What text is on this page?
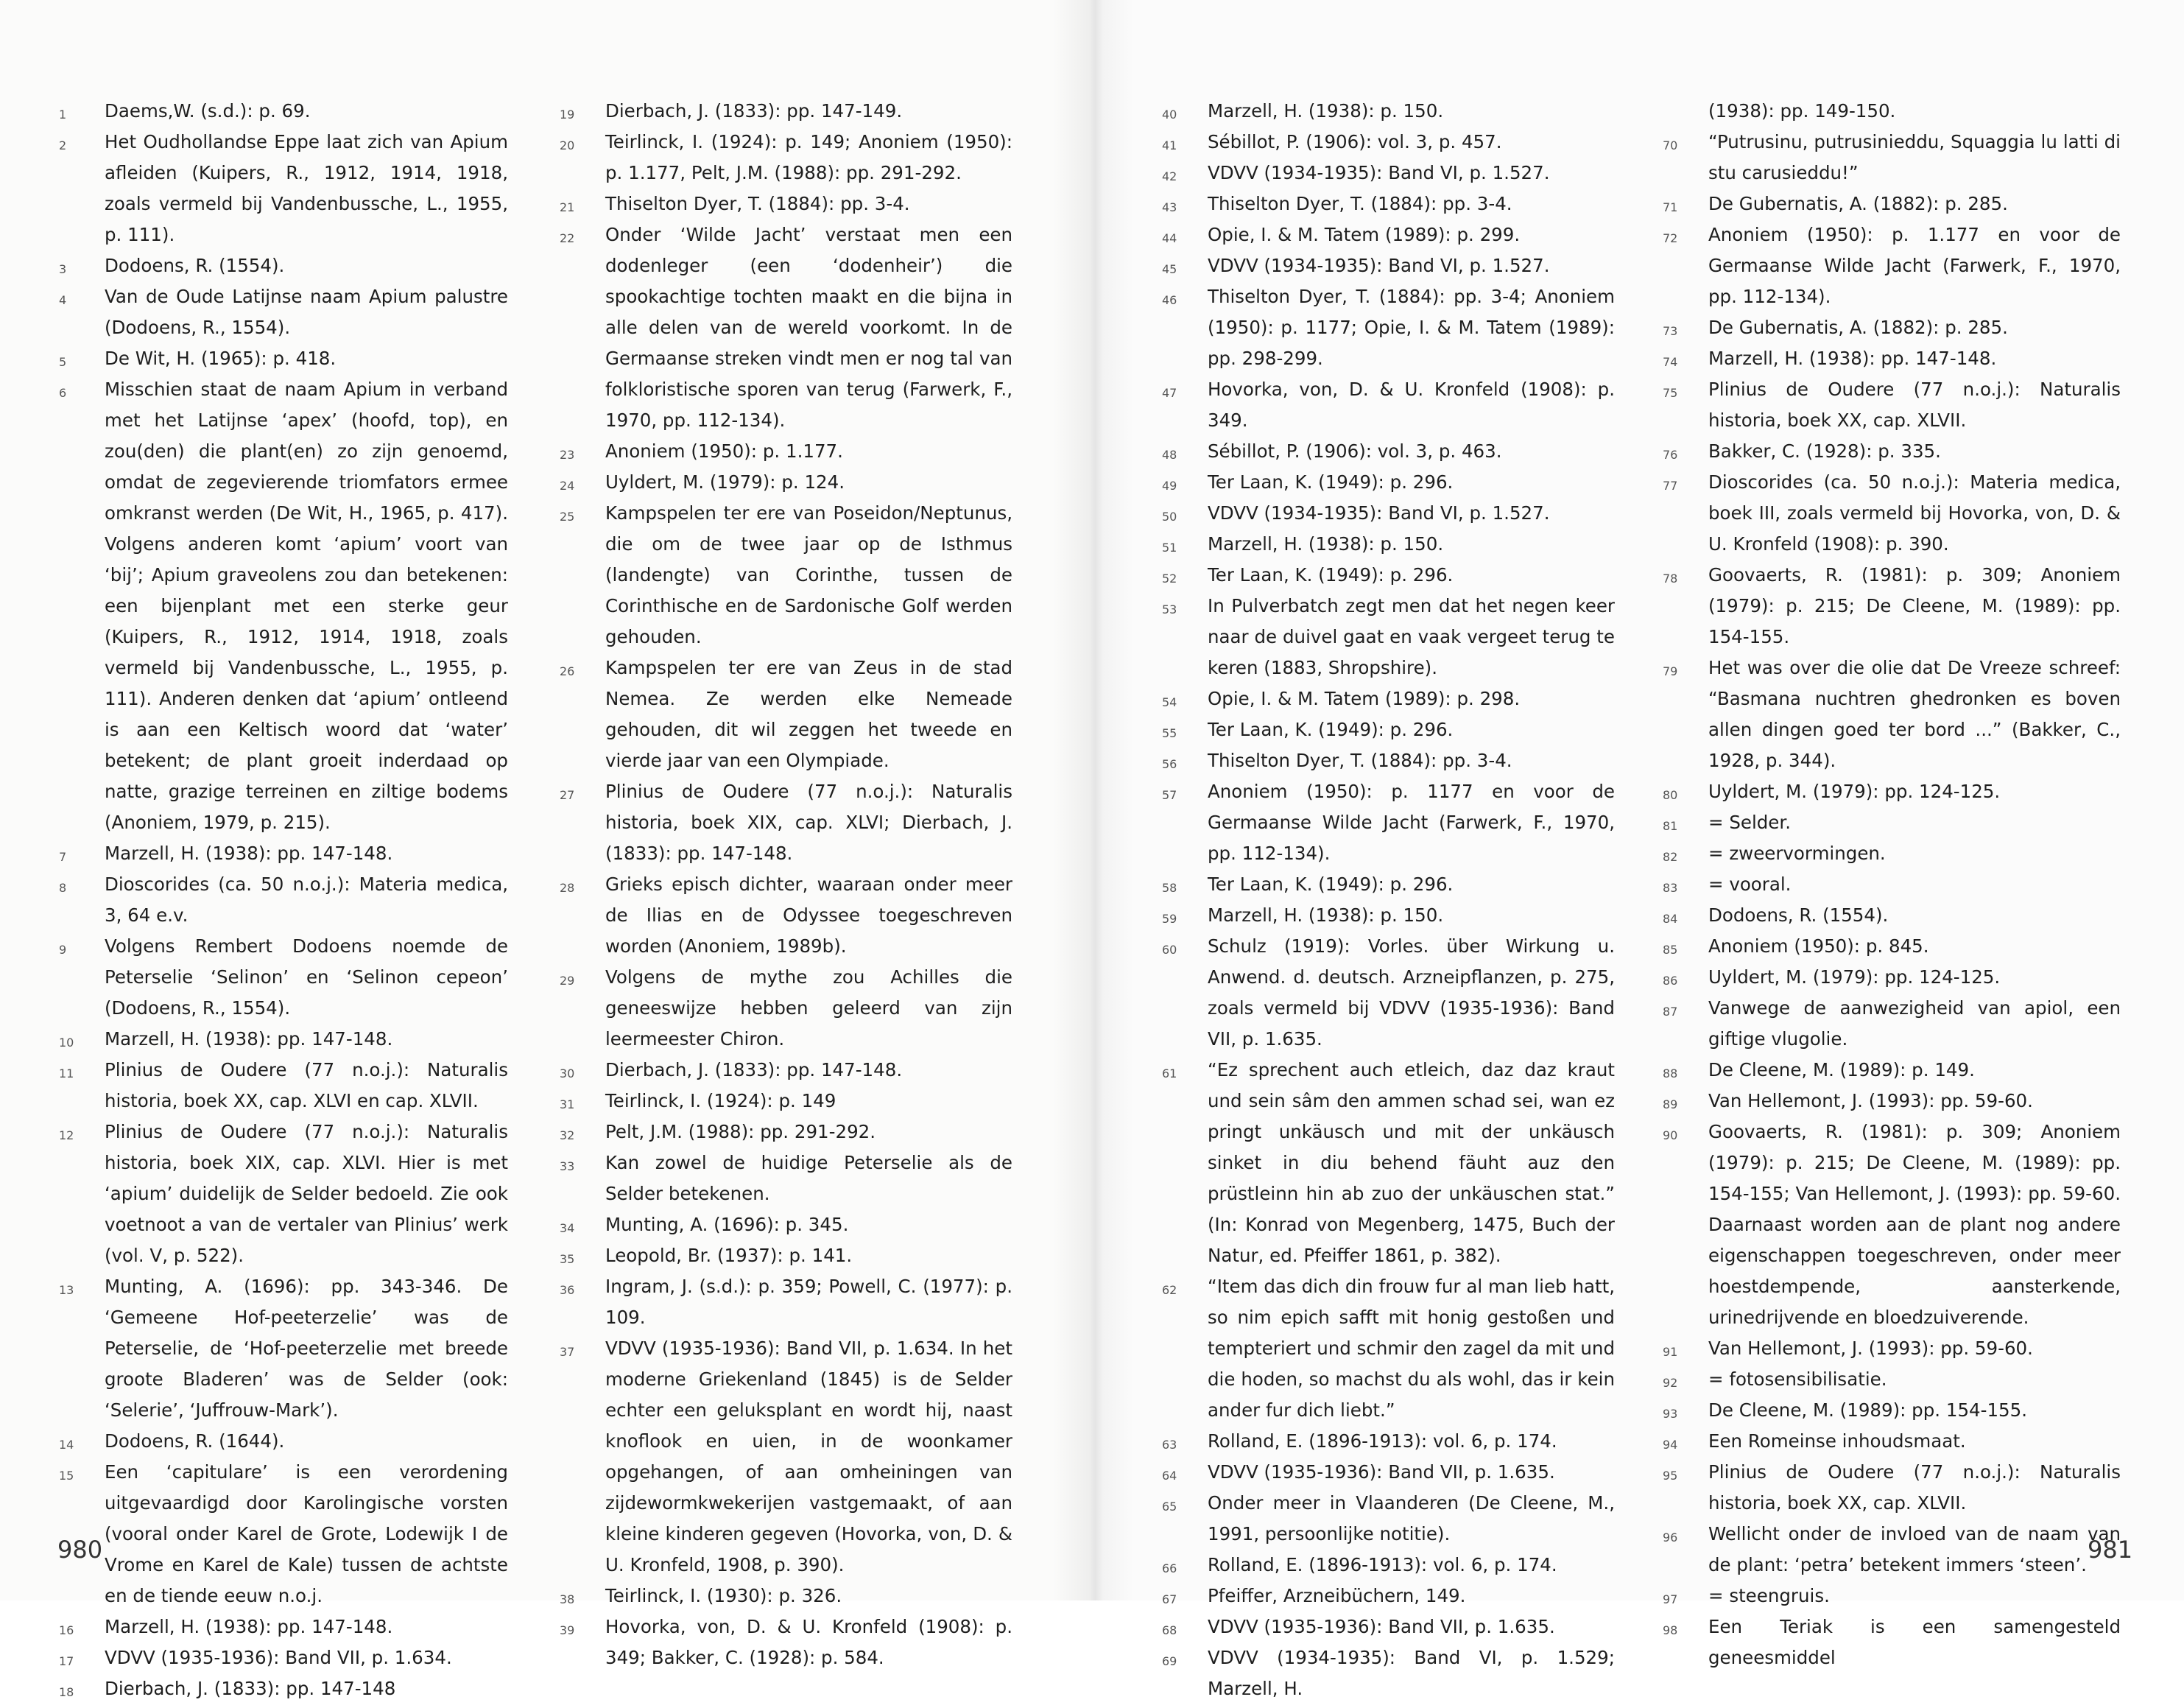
1	Daems,W. (s.d.): p. 69.
2	Het Oudhollandse Eppe laat zich van Apium afleiden (Kuipers, R., 1912, 1914, 1918, zoals vermeld bij Vandenbussche, L., 1955, p. 111).
3	Dodoens, R. (1554).
4	Van de Oude Latijnse naam Apium palustre (Dodoens, R., 1554).
5	De Wit, H. (1965): p. 418.
6	Misschien staat de naam Apium in verband met het Latijnse ‘apex’ (hoofd, top), en zou(den) die plant(en) zo zijn genoemd, omdat de zegevierende triomfators ermee omkranst werden (De Wit, H., 1965, p. 417). Volgens anderen komt ‘apium’ voort van ‘bij’; Apium graveolens zou dan betekenen: een bijenplant met een sterke geur (Kuipers, R., 1912, 1914, 1918, zoals vermeld bij Vandenbussche, L., 1955, p. 111). Anderen denken dat ‘apium’ ontleend is aan een Keltisch woord dat ‘water’ betekent; de plant groeit inderdaad op natte, grazige terreinen en ziltige bodems (Anoniem, 1979, p. 215).
7	Marzell, H. (1938): pp. 147-148.
8	Dioscorides (ca. 50 n.o.j.): Materia medica, 3, 64 e.v.
9	Volgens Rembert Dodoens noemde de Peterselie ‘Selinon’ en ‘Selinon cepeon’ (Dodoens, R., 1554).
10	Marzell, H. (1938): pp. 147-148.
11	Plinius de Oudere (77 n.o.j.): Naturalis historia, boek XX, cap. XLVI en cap. XLVII.
12	Plinius de Oudere (77 n.o.j.): Naturalis historia, boek XIX, cap. XLVI. Hier is met ‘apium’ duidelijk de Selder bedoeld. Zie ook voetnoot a van de vertaler van Plinius’ werk (vol. V, p. 522).
13	Munting, A. (1696): pp. 343-346. De ‘Gemeene Hof-peeterzelie’ was de Peterselie, de ‘Hof-peeterzelie met breede groote Bladeren’ was de Selder (ook: ‘Selerie’, ‘Juffrouw-Mark’).
14	Dodoens, R. (1644).
15	Een ‘capitulare’ is een verordening uitgevaardigd door Karolingische vorsten (vooral onder Karel de Grote, Lodewijk I de Vrome en Karel de Kale) tussen de achtste en de tiende eeuw n.o.j.
16	Marzell, H. (1938): pp. 147-148.
17	VDVV (1935-1936): Band VII, p. 1.634.
18	Dierbach, J. (1833): pp. 147-148
19	Dierbach, J. (1833): pp. 147-149.
20	Teirlinck, I. (1924): p. 149; Anoniem (1950): p. 1.177, Pelt, J.M. (1988): pp. 291-292.
21	Thiselton Dyer, T. (1884): pp. 3-4.
22	Onder ‘Wilde Jacht’ verstaat men een dodenleger (een ‘dodenheir’) die spookachtige tochten maakt en die bijna in alle delen van de wereld voorkomt. In de Germaanse streken vindt men er nog tal van folkloristische sporen van terug (Farwerk, F., 1970, pp. 112-134).
23	Anoniem (1950): p. 1.177.
24	Uyldert, M. (1979): p. 124.
25	Kampspelen ter ere van Poseidon/Neptunus, die om de twee jaar op de Isthmus (landengte) van Corinthe, tussen de Corinthische en de Sardonische Golf werden gehouden.
26	Kampspelen ter ere van Zeus in de stad Nemea. Ze werden elke Nemeade gehouden, dit wil zeggen het tweede en vierde jaar van een Olympiade.
27	Plinius de Oudere (77 n.o.j.): Naturalis historia, boek XIX, cap. XLVI; Dierbach, J. (1833): pp. 147-148.
28	Grieks episch dichter, waaraan onder meer de Ilias en de Odyssee toegeschreven worden (Anoniem, 1989b).
29	Volgens de mythe zou Achilles die geneeswijze hebben geleerd van zijn leermeester Chiron.
30	Dierbach, J. (1833): pp. 147-148.
31	Teirlinck, I. (1924): p. 149
32	Pelt, J.M. (1988): pp. 291-292.
33	Kan zowel de huidige Peterselie als de Selder betekenen.
34	Munting, A. (1696): p. 345.
35	Leopold, Br. (1937): p. 141.
36	Ingram, J. (s.d.): p. 359; Powell, C. (1977): p. 109.
37	VDVV (1935-1936): Band VII, p. 1.634. In het moderne Griekenland (1845) is de Selder echter een geluksplant en wordt hij, naast knoflook en uien, in de woonkamer opgehangen, of aan omheiningen van zijdewormkwekerijen vastgemaakt, of aan kleine kinderen gegeven (Hovorka, von, D. & U. Kronfeld, 1908, p. 390).
38	Teirlinck, I. (1930): p. 326.
39	Hovorka, von, D. & U. Kronfeld (1908): p. 349; Bakker, C. (1928): p. 584.
980
40	Marzell, H. (1938): p. 150.
41	Sébillot, P. (1906): vol. 3, p. 457.
42	VDVV (1934-1935): Band VI, p. 1.527.
43	Thiselton Dyer, T. (1884): pp. 3-4.
44	Opie, I. & M. Tatem (1989): p. 299.
45	VDVV (1934-1935): Band VI, p. 1.527.
46	Thiselton Dyer, T. (1884): pp. 3-4; Anoniem (1950): p. 1177; Opie, I. & M. Tatem (1989): pp. 298-299.
47	Hovorka, von, D. & U. Kronfeld (1908): p. 349.
48	Sébillot, P. (1906): vol. 3, p. 463.
49	Ter Laan, K. (1949): p. 296.
50	VDVV (1934-1935): Band VI, p. 1.527.
51	Marzell, H. (1938): p. 150.
52	Ter Laan, K. (1949): p. 296.
53	In Pulverbatch zegt men dat het negen keer naar de duivel gaat en vaak vergeet terug te keren (1883, Shropshire).
54	Opie, I. & M. Tatem (1989): p. 298.
55	Ter Laan, K. (1949): p. 296.
56	Thiselton Dyer, T. (1884): pp. 3-4.
57	Anoniem (1950): p. 1177 en voor de Germaanse Wilde Jacht (Farwerk, F., 1970, pp. 112-134).
58	Ter Laan, K. (1949): p. 296.
59	Marzell, H. (1938): p. 150.
60	Schulz (1919): Vorles. über Wirkung u. Anwend. d. deutsch. Arzneipflanzen, p. 275, zoals vermeld bij VDVV (1935-1936): Band VII, p. 1.635.
61	“Ez sprechent auch etleich, daz daz kraut und sein sâm den ammen schad sei, wan ez pringt unkäusch und mit der unkäusch sinket in diu behend fäuht auz den prüstleinn hin ab zuo der unkäuschen stat.” (In: Konrad von Megenberg, 1475, Buch der Natur, ed. Pfeiffer 1861, p. 382).
62	“Item das dich din frouw fur al man lieb hatt, so nim epich safft mit honig gestoßen und tempteriert und schmir den zagel da mit und die hoden, so machst du als wohl, das ir kein ander fur dich liebt.”
63	Rolland, E. (1896-1913): vol. 6, p. 174.
64	VDVV (1935-1936): Band VII, p. 1.635.
65	Onder meer in Vlaanderen (De Cleene, M., 1991, persoonlijke notitie).
66	Rolland, E. (1896-1913): vol. 6, p. 174.
67	Pfeiffer, Arzneibüchern, 149.
68	VDVV (1935-1936): Band VII, p. 1.635.
69	VDVV (1934-1935): Band VI, p. 1.529; Marzell, H.
(1938): pp. 149-150.
70	“Putrusinu, putrusinieddu, Squaggia lu latti di stu carusieddu!”
71	De Gubernatis, A. (1882): p. 285.
72	Anoniem (1950): p. 1.177 en voor de Germaanse Wilde Jacht (Farwerk, F., 1970, pp. 112-134).
73	De Gubernatis, A. (1882): p. 285.
74	Marzell, H. (1938): pp. 147-148.
75	Plinius de Oudere (77 n.o.j.): Naturalis historia, boek XX, cap. XLVII.
76	Bakker, C. (1928): p. 335.
77	Dioscorides (ca. 50 n.o.j.): Materia medica, boek III, zoals vermeld bij Hovorka, von, D. & U. Kronfeld (1908): p. 390.
78	Goovaerts, R. (1981): p. 309; Anoniem (1979): p. 215; De Cleene, M. (1989): pp. 154-155.
79	Het was over die olie dat De Vreeze schreef: “Basmana nuchtren ghedronken es boven allen dingen goed ter bord ...” (Bakker, C., 1928, p. 344).
80	Uyldert, M. (1979): pp. 124-125.
81	= Selder.
82	= zweervormingen.
83	= vooral.
84	Dodoens, R. (1554).
85	Anoniem (1950): p. 845.
86	Uyldert, M. (1979): pp. 124-125.
87	Vanwege de aanwezigheid van apiol, een giftige vlugolie.
88	De Cleene, M. (1989): p. 149.
89	Van Hellemont, J. (1993): pp. 59-60.
90	Goovaerts, R. (1981): p. 309; Anoniem (1979): p. 215; De Cleene, M. (1989): pp. 154-155; Van Hellemont, J. (1993): pp. 59-60. Daarnaast worden aan de plant nog andere eigenschappen toegeschreven, onder meer hoestdempende, aansterkende, urinedrijvende en bloedzuiverende.
91	Van Hellemont, J. (1993): pp. 59-60.
92	= fotosensibilisatie.
93	De Cleene, M. (1989): pp. 154-155.
94	Een Romeinse inhoudsmaat.
95	Plinius de Oudere (77 n.o.j.): Naturalis historia, boek XX, cap. XLVII.
96	Wellicht onder de invloed van de naam van de plant: ‘petra’ betekent immers ‘steen’.
97	= steengruis.
98	Een Teriak is een samengesteld geneesmiddel
981
